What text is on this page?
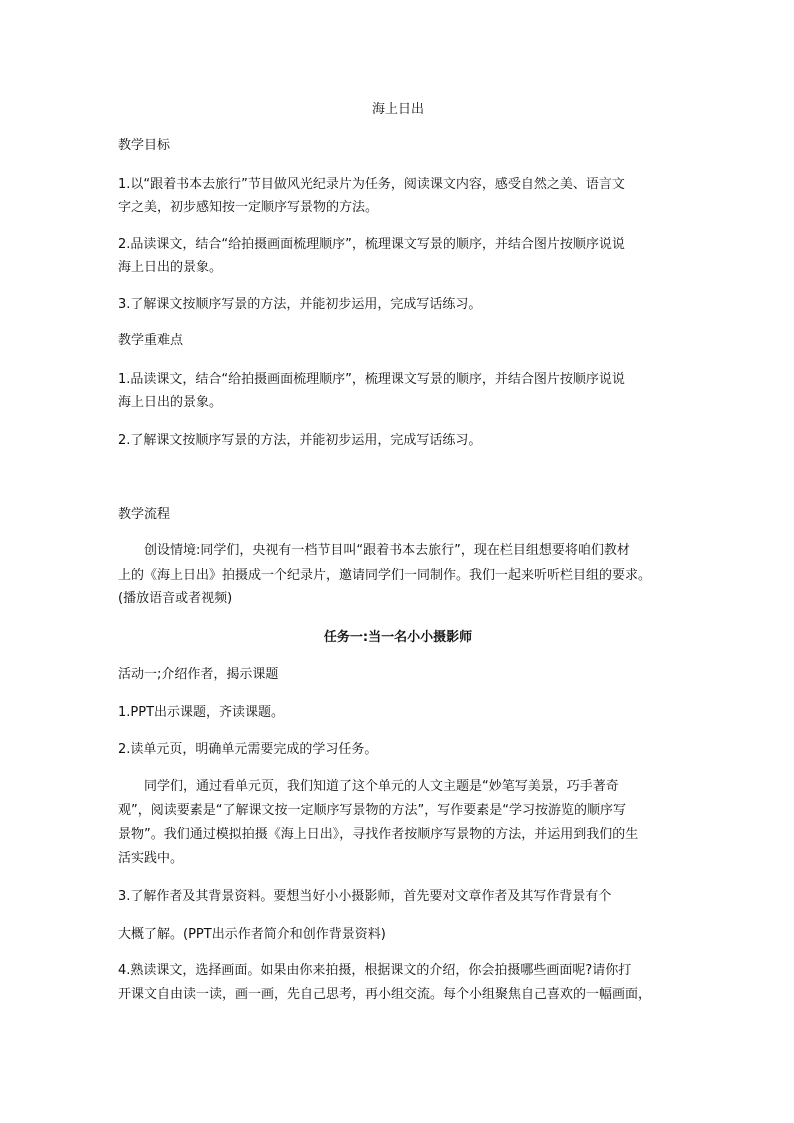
海上日出
教学目标
1.以“跟着书本去旅行”节目做风光纪录片为任务，阅读课文内容，感受自然之美、语言文
字之美，初步感知按一定顺序写景物的方法。
2.品读课文，结合“给拍摄画面梳理顺序”，梳理课文写景的顺序，并结合图片按顺序说说
海上日出的景象。
3.了解课文按顺序写景的方法，并能初步运用，完成写话练习。
教学重难点
1.品读课文，结合“给拍摄画面梳理顺序”，梳理课文写景的顺序，并结合图片按顺序说说
海上日出的景象。
2.了解课文按顺序写景的方法，并能初步运用，完成写话练习。
教学流程
创设情境:同学们，央视有一档节目叫“跟着书本去旅行”，现在栏目组想要将咱们教材
上的《海上日出》拍摄成一个纪录片，邀请同学们一同制作。我们一起来听听栏目组的要求。
(播放语音或者视频)
任务一:当一名小小摄影师
活动一;介绍作者，揭示课题
1.PPT出示课题，齐读课题。
2.读单元页，明确单元需要完成的学习任务。
同学们，通过看单元页，我们知道了这个单元的人文主题是“妙笔写美景，巧手著奇
观”，阅读要素是“了解课文按一定顺序写景物的方法”，写作要素是“学习按游览的顺序写
景物”。我们通过模拟拍摄《海上日出》，寻找作者按顺序写景物的方法，并运用到我们的生
活实践中。
3.了解作者及其背景资料。要想当好小小摄影师，首先要对文章作者及其写作背景有个
大概了解。(PPT出示作者简介和创作背景资料)
4.熟读课文，选择画面。如果由你来拍摄，根据课文的介绍，你会拍摄哪些画面呢?请你打
开课文自由读一读，画一画，先自己思考，再小组交流。每个小组聚焦自己喜欢的一幅画面，
